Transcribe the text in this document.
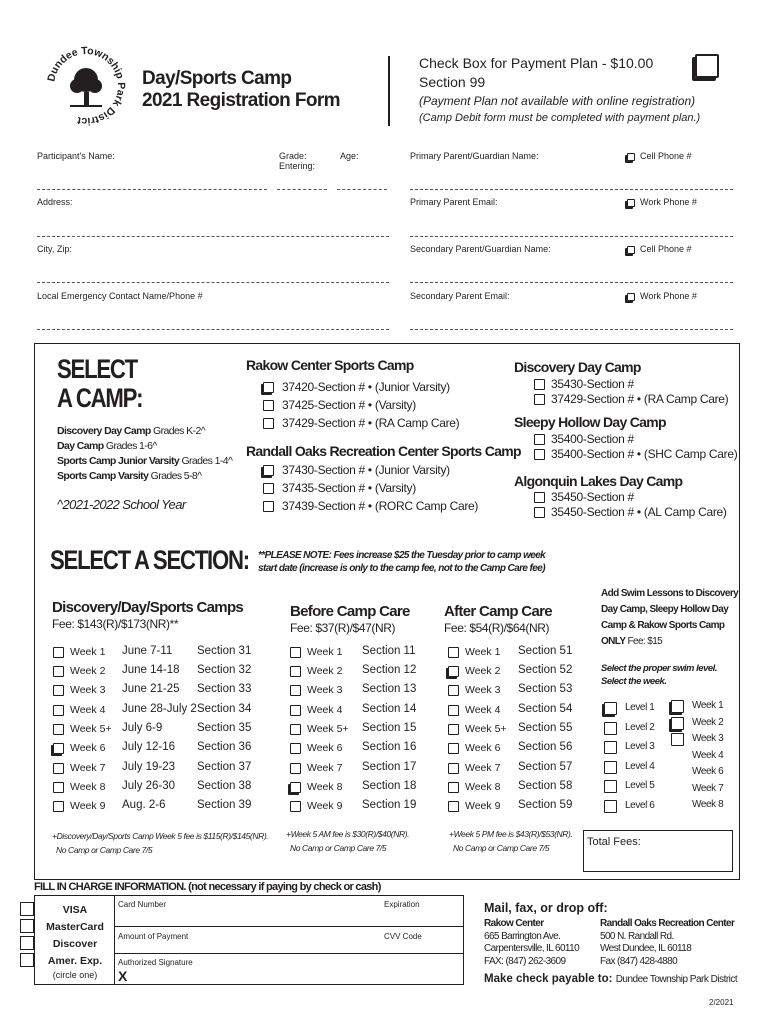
Dundee Township Park District
Day/Sports Camp
2021 Registration Form
Check Box for Payment Plan - $10.00
Section 99
(Payment Plan not available with online registration)
(Camp Debit form must be completed with payment plan.)
Participant's Name:	Grade:
Entering:
Age:
Address:
City, Zip:
Local Emergency Contact Name/Phone #
Primary Parent/Guardian Name:	Cell Phone #
Primary Parent Email:	Work Phone #
Secondary Parent/Guardian Name:	Cell Phone #
Secondary Parent Email:	Work Phone #
SELECT
A CAMP:
Discovery Day Camp Grades K-2^
Day Camp Grades 1-6^
Sports Camp Junior Varsity Grades 1-4^
Sports Camp Varsity Grades 5-8^
^2021-2022 School Year
Rakow Center Sports Camp
37420-Section # • (Junior Varsity)
37425-Section # • (Varsity)
37429-Section # • (RA Camp Care)
Randall Oaks Recreation Center Sports Camp
37430-Section # • (Junior Varsity)
37435-Section # • (Varsity)
37439-Section # • (RORC Camp Care)
Discovery Day Camp
35430-Section #
37429-Section # • (RA Camp Care)
Sleepy Hollow Day Camp
35400-Section #
35400-Section # • (SHC Camp Care)
Algonquin Lakes Day Camp
35450-Section #
35450-Section # • (AL Camp Care)
SELECT A SECTION: **PLEASE NOTE: Fees increase $25 the Tuesday prior to camp week
start date (increase is only to the camp fee, not to the Camp Care fee)
Discovery/Day/Sports Camps
Fee: $143(R)/$173(NR)**
Week 1 June 7-11 Section 31
Week 2 June 14-18 Section 32
Week 3 June 21-25 Section 33
Week 4 June 28-July 2 Section 34
Week 5+ July 6-9	Section 35
Week 6 July 12-16 Section 36
Week 7 July 19-23 Section 37
Week 8 July 26-30 Section 38
Week 9 Aug. 2-6	Section 39
+Discovery/Day/Sports Camp Week 5 fee is $115(R)/$145(NR).
No Camp or Camp Care 7/5
Before Camp Care
Fee: $37(R)/$47(NR)
Week 1 Section 11
Week 2 Section 12
Week 3 Section 13
Week 4 Section 14
Week 5+ Section 15
Week 6 Section 16
Week 7 Section 17
Week 8 Section 18
Week 9 Section 19
+Week 5 AM fee is $30(R)/$40(NR).
No Camp or Camp Care 7/5
After Camp Care
Fee: $54(R)/$64(NR)
Week 1 Section 51
Week 2 Section 52
Week 3 Section 53
Week 4 Section 54
Week 5+ Section 55
Week 6 Section 56
Week 7 Section 57
Week 8 Section 58
Week 9 Section 59
+Week 5 PM fee is $43(R)/$53(NR).
No Camp or Camp Care 7/5
Add Swim Lessons to Discovery
Day Camp, Sleepy Hollow Day
Camp & Rakow Sports Camp
ONLY Fee: $15
Select the proper swim level.
Select the week.
Level 1
Level 2
Level 3
Level 4
Level 5
Level 6
Week 1
Week 2
Week 3
Week 4
Week 6
Week 7
Week 8
Total Fees:
FILL IN CHARGE INFORMATION. (not necessary if paying by check or cash)
VISA
MasterCard
Discover
Amer. Exp.
(circle one)
Card Number	Expiration
Amount of Payment	CVV Code
Authorized Signature
X
Mail, fax, or drop off:
Rakow Center
665 Barrington Ave.
Carpentersville, IL 60110
FAX: (847) 262-3609
Randall Oaks Recreation Center
500 N. Randall Rd.
West Dundee, IL 60118
Fax (847) 428-4880
Make check payable to: Dundee Township Park District
2/2021
